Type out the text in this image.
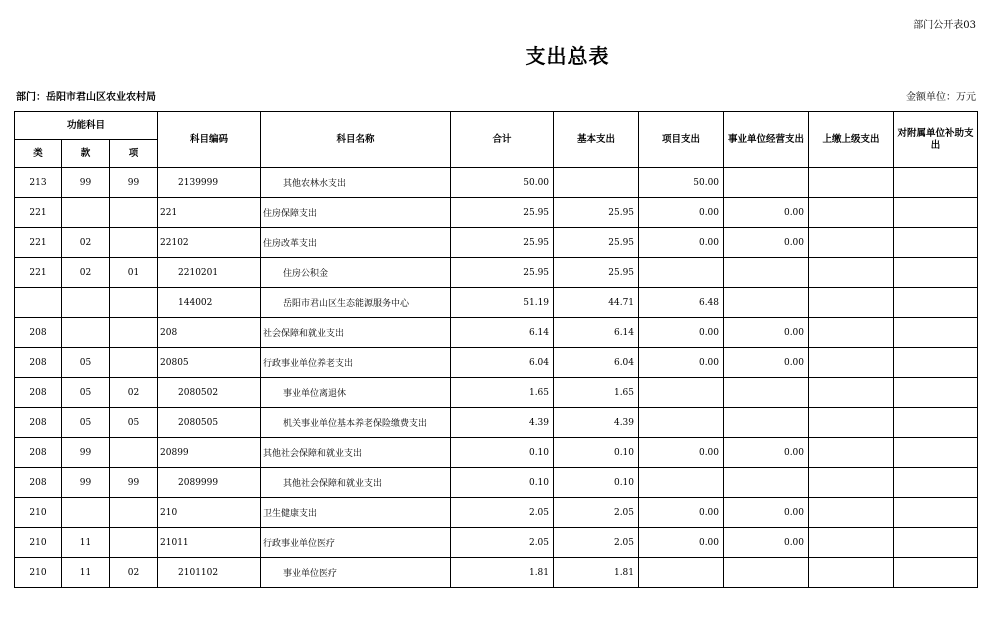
部门公开表03
支出总表
部门：岳阳市君山区农业农村局	金额单位：万元
功能科目			科目编码	科目名称	合计	基本支出	项目支出	事业单位经营支出	上缴上级支出	对附属单位补助支出
类	款	项								
213	99	99	2139999	其他农林水支出	50.00		50.00			
221			221	住房保障支出	25.95	25.95	0.00	0.00		
221	02		22102	住房改革支出	25.95	25.95	0.00	0.00		
221	02	01	2210201	住房公积金	25.95	25.95				
			144002	岳阳市君山区生态能源服务中心	51.19	44.71	6.48			
208			208	社会保障和就业支出	6.14	6.14	0.00	0.00		
208	05		20805	行政事业单位养老支出	6.04	6.04	0.00	0.00		
208	05	02	2080502	事业单位离退休	1.65	1.65				
208	05	05	2080505	机关事业单位基本养老保险缴费支出	4.39	4.39				
208	99		20899	其他社会保障和就业支出	0.10	0.10	0.00	0.00		
208	99	99	2089999	其他社会保障和就业支出	0.10	0.10				
210			210	卫生健康支出	2.05	2.05	0.00	0.00		
210	11		21011	行政事业单位医疗	2.05	2.05	0.00	0.00		
210	11	02	2101102	事业单位医疗	1.81	1.81				
